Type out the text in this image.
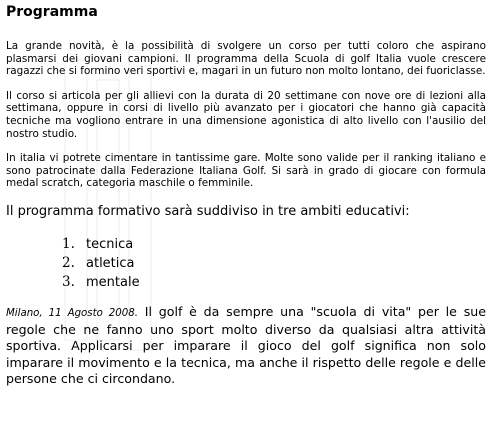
Programma

La grande novità, è la possibilità di svolgere un corso per tutti coloro che aspirano plasmarsi dei giovani campioni. Il programma della Scuola di golf Italia vuole crescere ragazzi che si formino veri sportivi e, magari in un futuro non molto lontano, dei fuoriclasse.

Il corso si articola per gli allievi con la durata di 20 settimane con nove ore di lezioni alla settimana, oppure in corsi di livello più avanzato per i giocatori che hanno già capacità tecniche ma vogliono entrare in una dimensione agonistica di alto livello con l'ausilio del nostro studio.

In italia vi potrete cimentare in tantissime gare. Molte sono valide per il ranking italiano e sono patrocinate dalla Federazione Italiana Golf. Si sarà in grado di giocare con formula medal scratch, categoria maschile o femminile.

Il programma formativo sarà suddiviso in tre ambiti educativi:

1. tecnica
2. atletica
3. mentale

Milano, 11 Agosto 2008. Il golf è da sempre una "scuola di vita" per le sue regole che ne fanno uno sport molto diverso da qualsiasi altra attività sportiva. Applicarsi per imparare il gioco del golf significa non solo imparare il movimento e la tecnica, ma anche il rispetto delle regole e delle persone che ci circondano.
